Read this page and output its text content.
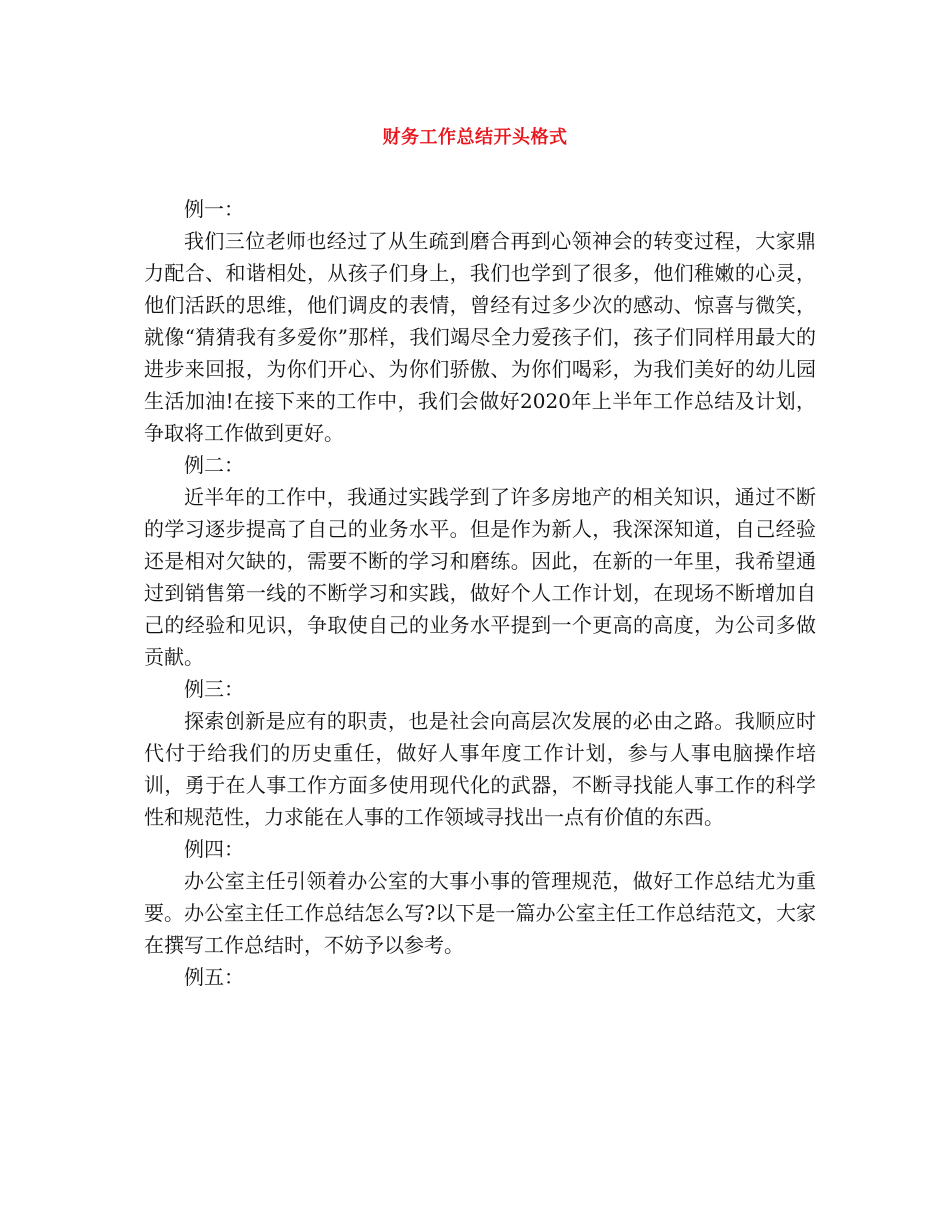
财务工作总结开头格式

例一：

我们三位老师也经过了从生疏到磨合再到心领神会的转变过程，大家鼎力配合、和谐相处，从孩子们身上，我们也学到了很多，他们稚嫩的心灵，他们活跃的思维，他们调皮的表情，曾经有过多少次的感动、惊喜与微笑，就像“猜猜我有多爱你”那样，我们竭尽全力爱孩子们，孩子们同样用最大的进步来回报，为你们开心、为你们骄傲、为你们喝彩，为我们美好的幼儿园生活加油!在接下来的工作中，我们会做好2020年上半年工作总结及计划，争取将工作做到更好。

例二：

近半年的工作中，我通过实践学到了许多房地产的相关知识，通过不断的学习逐步提高了自己的业务水平。但是作为新人，我深深知道，自己经验还是相对欠缺的，需要不断的学习和磨练。因此，在新的一年里，我希望通过到销售第一线的不断学习和实践，做好个人工作计划，在现场不断增加自己的经验和见识，争取使自己的业务水平提到一个更高的高度，为公司多做贡献。

例三：

探索创新是应有的职责，也是社会向高层次发展的必由之路。我顺应时代付于给我们的历史重任，做好人事年度工作计划，参与人事电脑操作培训，勇于在人事工作方面多使用现代化的武器，不断寻找能人事工作的科学性和规范性，力求能在人事的工作领域寻找出一点有价值的东西。

例四：

办公室主任引领着办公室的大事小事的管理规范，做好工作总结尤为重要。办公室主任工作总结怎么写?以下是一篇办公室主任工作总结范文，大家在撰写工作总结时，不妨予以参考。

例五：
